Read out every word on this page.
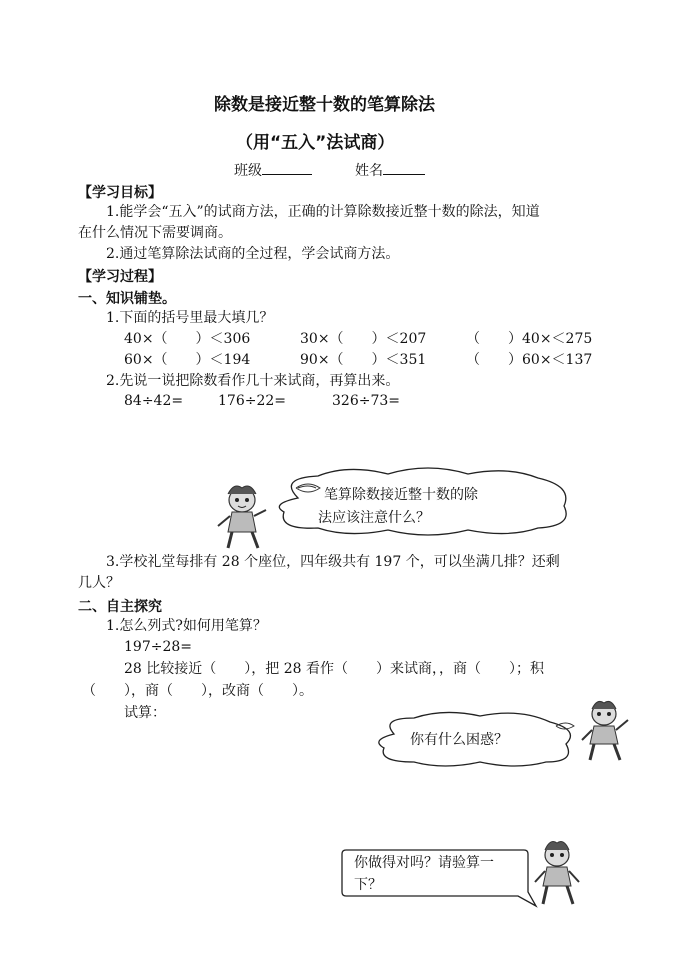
除数是接近整十数的笔算除法
（用“五入”法试商）
班级	姓名
【学习目标】
1.能学会“五入”的试商方法，正确的计算除数接近整十数的除法，知道
在什么情况下需要调商。
2.通过笔算除法试商的全过程，学会试商方法。
【学习过程】
一、知识铺垫。
1.下面的括号里最大填几？
40×（　　）＜306	30×（　　）＜207	（　　）40×＜275
60×（　　）＜194	90×（　　）＜351	（　　）60×＜137
2.先说一说把除数看作几十来试商，再算出来。
84÷42= 176÷22=	326÷73=
笔算除数接近整十数的除
法应该注意什么？
3.学校礼堂每排有 28 个座位，四年级共有 197 个，可以坐满几排？还剩
几人？
二、自主探究
1.怎么列式?如何用笔算？
197÷28=
28 比较接近（　　），把 28 看作（　　）来试商，，商（　　）；积
（　　），商（　　），改商（　　）。
试算：
你有什么困惑？
你做得对吗？请验算一
下？
